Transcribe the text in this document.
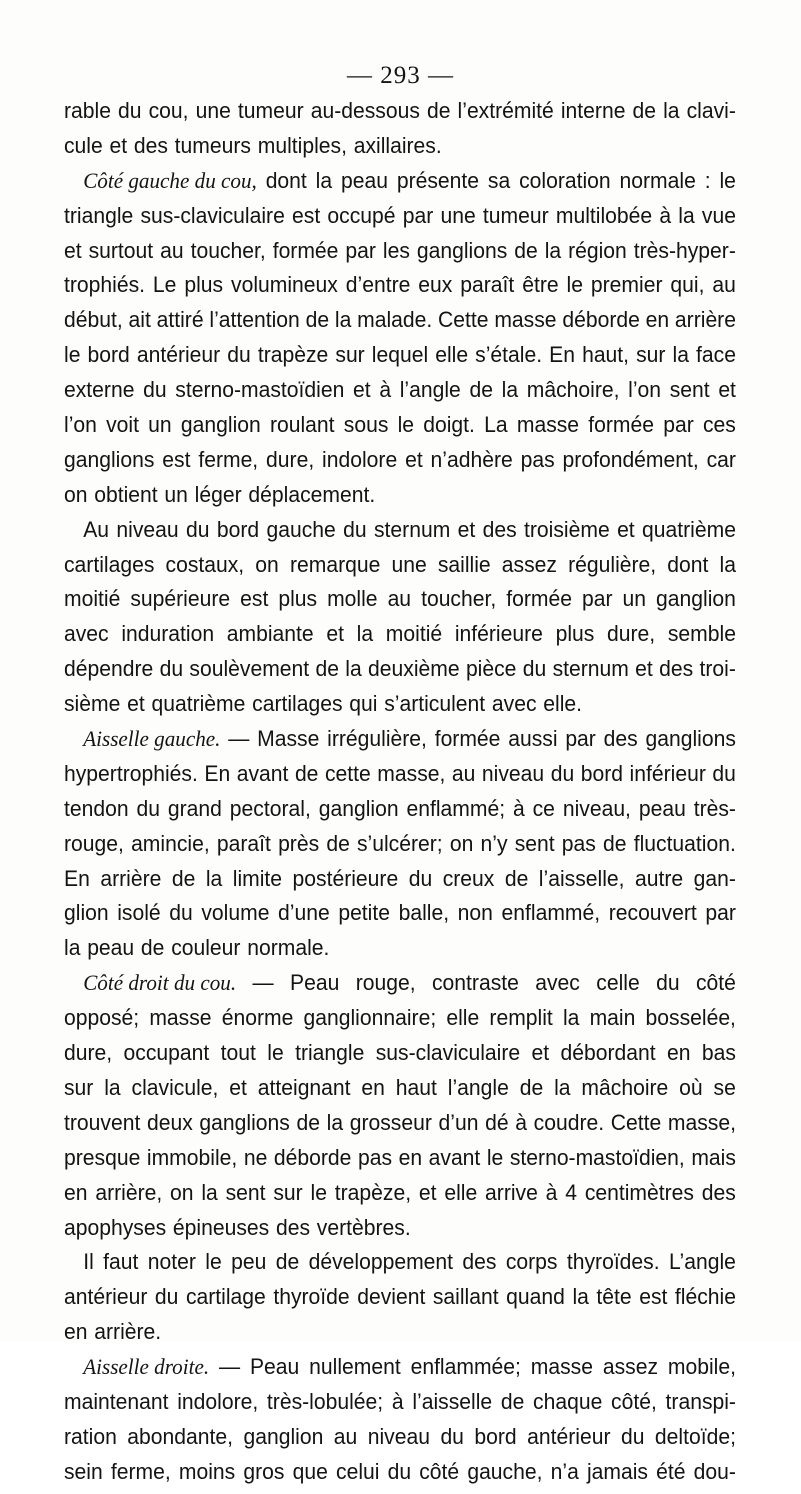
— 293 —
rable du cou, une tumeur au-dessous de l’extrémité interne de la clavi-
cule et des tumeurs multiples, axillaires.
Côté gauche du cou, dont la peau présente sa coloration normale : le
triangle sus-claviculaire est occupé par une tumeur multilobée à la vue
et surtout au toucher, formée par les ganglions de la région très-hyper-
trophiés. Le plus volumineux d’entre eux paraît être le premier qui, au
début, ait attiré l’attention de la malade. Cette masse déborde en arrière
le bord antérieur du trapèze sur lequel elle s’étale. En haut, sur la face
externe du sterno-mastoïdien et à l’angle de la mâchoire, l’on sent et
l’on voit un ganglion roulant sous le doigt. La masse formée par ces
ganglions est ferme, dure, indolore et n’adhère pas profondément, car
on obtient un léger déplacement.
Au niveau du bord gauche du sternum et des troisième et quatrième
cartilages costaux, on remarque une saillie assez régulière, dont la
moitié supérieure est plus molle au toucher, formée par un ganglion
avec induration ambiante et la moitié inférieure plus dure, semble
dépendre du soulèvement de la deuxième pièce du sternum et des troi-
sième et quatrième cartilages qui s’articulent avec elle.
Aisselle gauche. — Masse irrégulière, formée aussi par des ganglions
hypertrophiés. En avant de cette masse, au niveau du bord inférieur du
tendon du grand pectoral, ganglion enflammé; à ce niveau, peau très-
rouge, amincie, paraît près de s’ulcérer; on n’y sent pas de fluctuation.
En arrière de la limite postérieure du creux de l’aisselle, autre gan-
glion isolé du volume d’une petite balle, non enflammé, recouvert par
la peau de couleur normale.
Côté droit du cou. — Peau rouge, contraste avec celle du côté
opposé; masse énorme ganglionnaire; elle remplit la main bosselée,
dure, occupant tout le triangle sus-claviculaire et débordant en bas
sur la clavicule, et atteignant en haut l’angle de la mâchoire où se
trouvent deux ganglions de la grosseur d’un dé à coudre. Cette masse,
presque immobile, ne déborde pas en avant le sterno-mastoïdien, mais
en arrière, on la sent sur le trapèze, et elle arrive à 4 centimètres des
apophyses épineuses des vertèbres.
Il faut noter le peu de développement des corps thyroïdes. L’angle
antérieur du cartilage thyroïde devient saillant quand la tête est fléchie
en arrière.
Aisselle droite. — Peau nullement enflammée; masse assez mobile,
maintenant indolore, très-lobulée; à l’aisselle de chaque côté, transpi-
ration abondante, ganglion au niveau du bord antérieur du deltoïde;
sein ferme, moins gros que celui du côté gauche, n’a jamais été dou-
